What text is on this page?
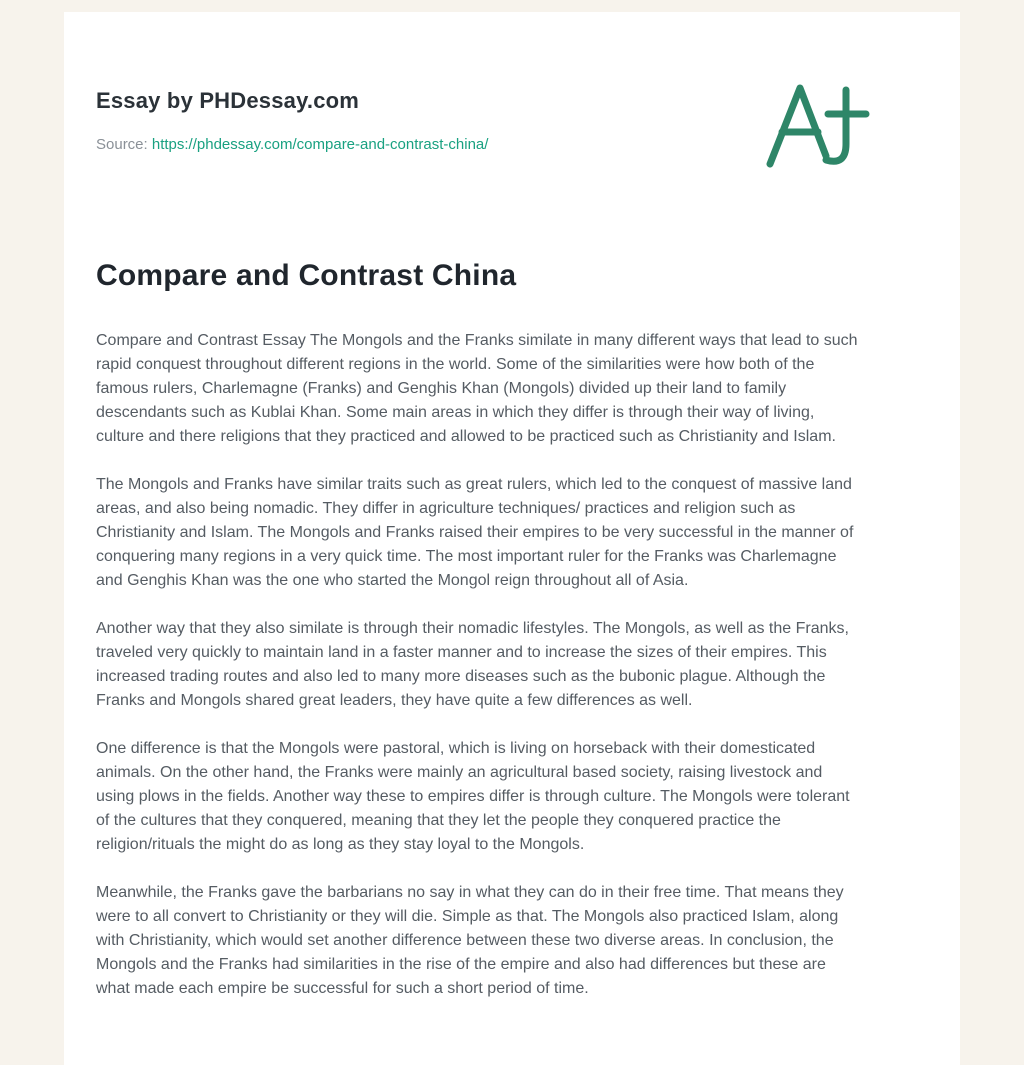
Essay by PHDessay.com
Source: https://phdessay.com/compare-and-contrast-china/
Compare and Contrast China

Compare and Contrast Essay The Mongols and the Franks similate in many different ways that lead to such rapid conquest throughout different regions in the world. Some of the similarities were how both of the famous rulers, Charlemagne (Franks) and Genghis Khan (Mongols) divided up their land to family descendants such as Kublai Khan. Some main areas in which they differ is through their way of living, culture and there religions that they practiced and allowed to be practiced such as Christianity and Islam.

The Mongols and Franks have similar traits such as great rulers, which led to the conquest of massive land areas, and also being nomadic. They differ in agriculture techniques/ practices and religion such as Christianity and Islam. The Mongols and Franks raised their empires to be very successful in the manner of conquering many regions in a very quick time. The most important ruler for the Franks was Charlemagne and Genghis Khan was the one who started the Mongol reign throughout all of Asia.

Another way that they also similate is through their nomadic lifestyles. The Mongols, as well as the Franks, traveled very quickly to maintain land in a faster manner and to increase the sizes of their empires. This increased trading routes and also led to many more diseases such as the bubonic plague. Although the Franks and Mongols shared great leaders, they have quite a few differences as well.

One difference is that the Mongols were pastoral, which is living on horseback with their domesticated animals. On the other hand, the Franks were mainly an agricultural based society, raising livestock and using plows in the fields. Another way these to empires differ is through culture. The Mongols were tolerant of the cultures that they conquered, meaning that they let the people they conquered practice the religion/rituals the might do as long as they stay loyal to the Mongols.

Meanwhile, the Franks gave the barbarians no say in what they can do in their free time. That means they were to all convert to Christianity or they will die. Simple as that. The Mongols also practiced Islam, along with Christianity, which would set another difference between these two diverse areas. In conclusion, the Mongols and the Franks had similarities in the rise of the empire and also had differences but these are what made each empire be successful for such a short period of time.
